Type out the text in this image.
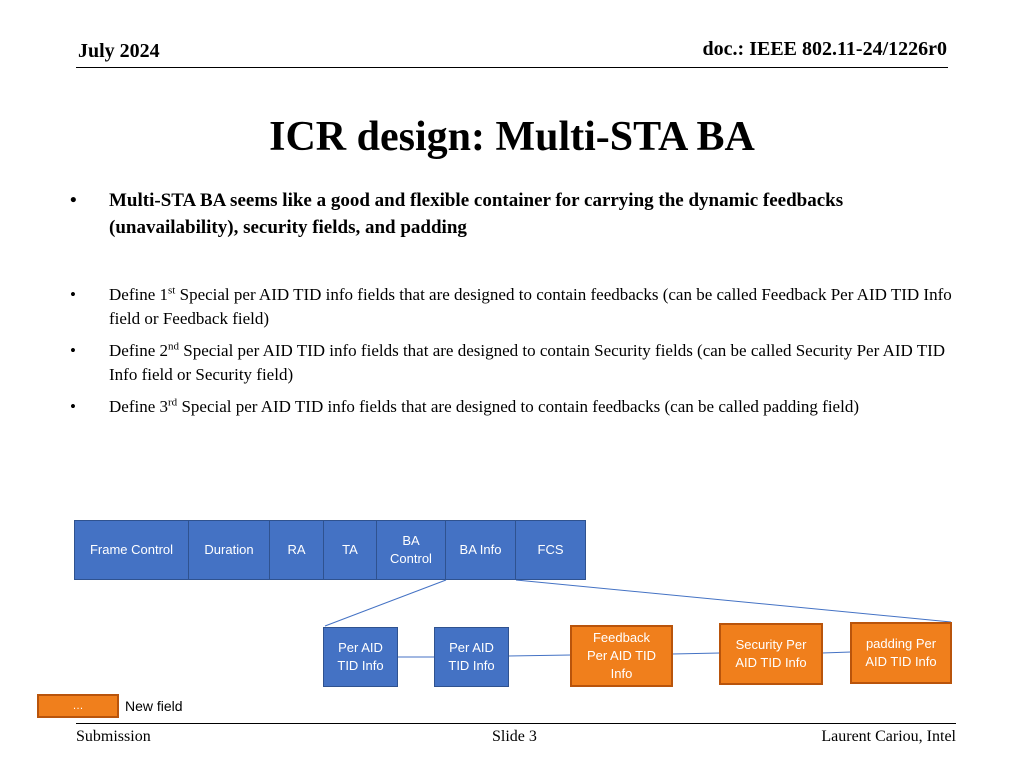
July 2024	doc.: IEEE 802.11-24/1226r0
ICR design: Multi-STA BA
• Multi-STA BA seems like a good and flexible container for carrying the dynamic feedbacks (unavailability), security fields, and padding
• Define 1st Special per AID TID info fields that are designed to contain feedbacks (can be called Feedback Per AID TID Info field or Feedback field)
• Define 2nd Special per AID TID info fields that are designed to contain Security fields (can be called Security Per AID TID Info field or Security field)
• Define 3rd Special per AID TID info fields that are designed to contain feedbacks (can be called padding field)
Frame Control	Duration	RA	TA
BA Control
BA Info	FCS
Per AID TID Info
Per AID TID Info
Feedback Per AID TID Info
Security Per AID TID Info
padding Per AID TID Info
…	New field
Submission	Slide 3	Laurent Cariou, Intel
